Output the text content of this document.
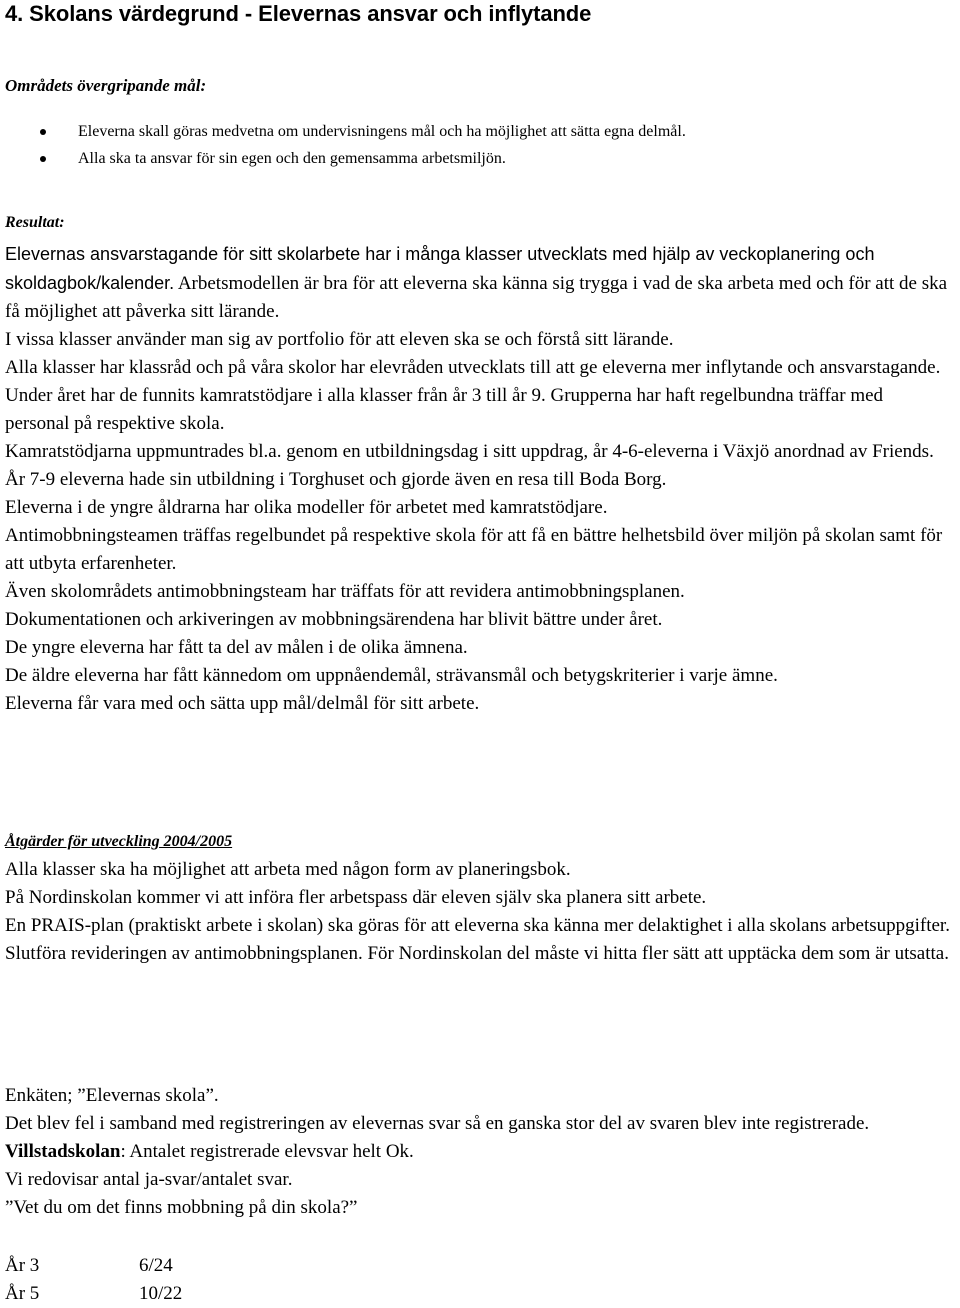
4. Skolans värdegrund - Elevernas ansvar och inflytande
Områdets övergripande mål:
Eleverna skall göras medvetna om undervisningens mål och ha möjlighet att sätta egna delmål.
Alla ska ta ansvar för sin egen och den gemensamma arbetsmiljön.
Resultat:

Elevernas ansvarstagande för sitt skolarbete har i många klasser utvecklats med hjälp av veckoplanering och skoldagbok/kalender. Arbetsmodellen är bra för att eleverna ska känna sig trygga i vad de ska arbeta med och för att de ska få möjlighet att påverka sitt lärande.

I vissa klasser använder man sig av portfolio för att eleven ska se och förstå sitt lärande.

Alla klasser har klassråd och på våra skolor har elevråden utvecklats till att ge eleverna mer inflytande och ansvarstagande.

Under året har de funnits kamratstödjare i alla klasser från år 3 till år 9. Grupperna har haft regelbundna träffar med personal på respektive skola.

Kamratstödjarna uppmuntrades bl.a. genom en utbildningsdag i sitt uppdrag, år 4-6-eleverna i Växjö anordnad av Friends. År 7-9 eleverna hade sin utbildning i Torghuset och gjorde även en resa till Boda Borg.

Eleverna i de yngre åldrarna har olika modeller för arbetet med kamratstödjare.

Antimobbningsteamen träffas regelbundet på respektive skola för att få en bättre helhetsbild över miljön på skolan samt för att utbyta erfarenheter.

Även skolområdets antimobbningsteam har träffats för att revidera antimobbningsplanen.

Dokumentationen och arkiveringen av mobbningsärendena har blivit bättre under året.

De yngre eleverna har fått ta del av målen i de olika ämnena.

De äldre eleverna har fått kännedom om uppnåendemål, strävansmål och betygskriterier i varje ämne.

Eleverna får vara med och sätta upp mål/delmål för sitt arbete.

Åtgärder för utveckling 2004/2005

Alla klasser ska ha möjlighet att arbeta med någon form av planeringsbok.

På Nordinskolan kommer vi att införa fler arbetspass där eleven själv ska planera sitt arbete.

En PRAIS-plan (praktiskt arbete i skolan) ska göras för att eleverna ska känna mer delaktighet i alla skolans arbetsuppgifter.

Slutföra revideringen av antimobbningsplanen. För Nordinskolan del måste vi hitta fler sätt att upptäcka dem som är utsatta.

Enkäten; ”Elevernas skola”.

Det blev fel i samband med registreringen av elevernas svar så en ganska stor del av svaren blev inte registrerade.

Villstadskolan: Antalet registrerade elevsvar helt Ok.

Vi redovisar antal ja-svar/antalet svar.

”Vet du om det finns mobbning på din skola?”

År 3	6/24
År 5	10/22
